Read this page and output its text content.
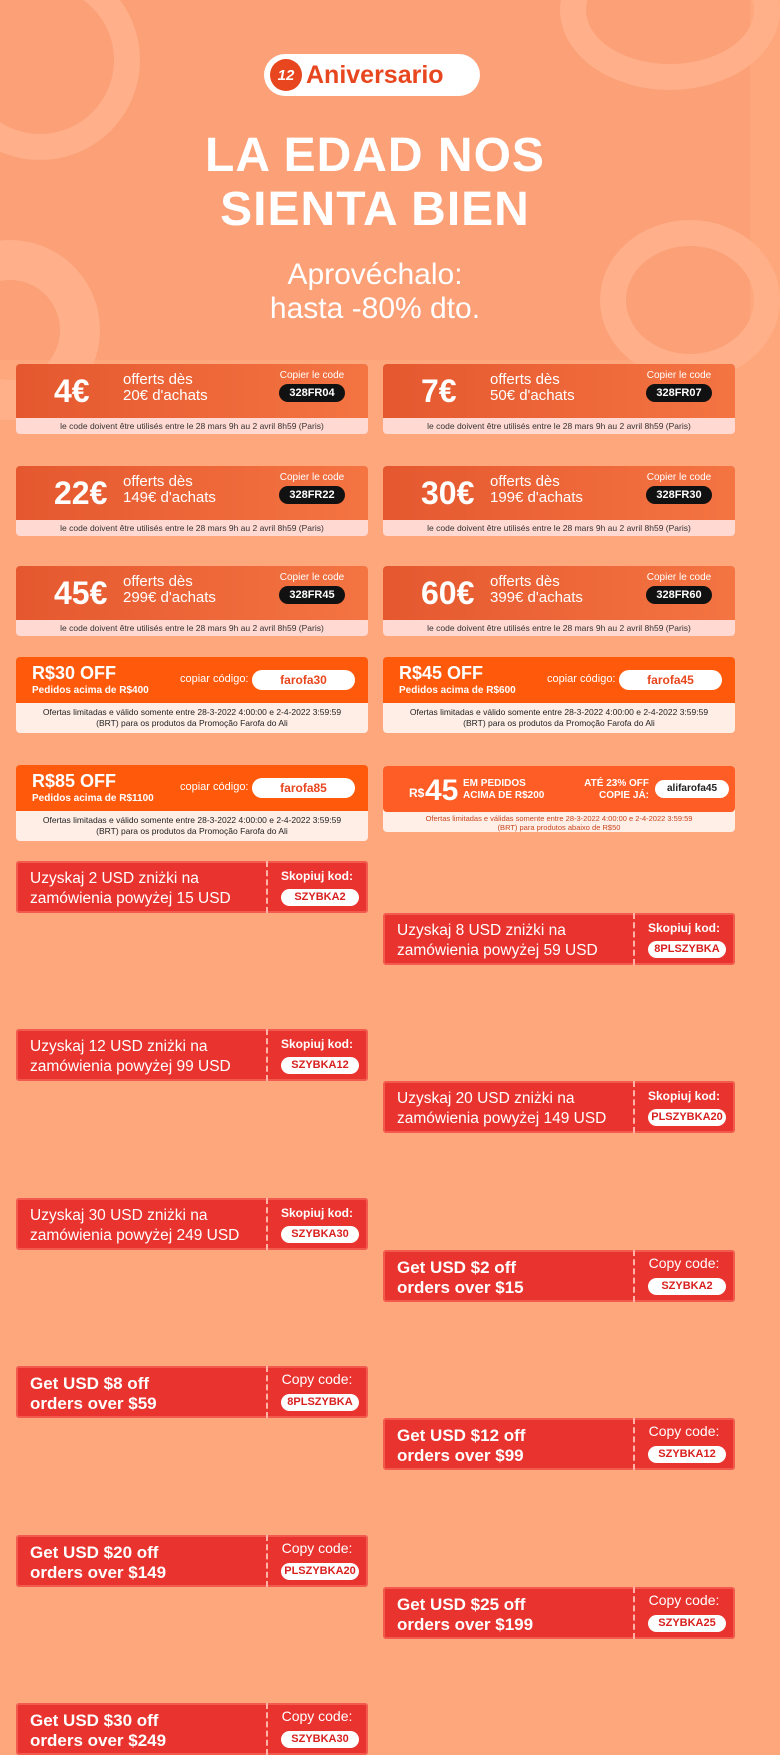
12 Aniversario
LA EDAD NOS
SIENTA BIEN
Aprovéchalo:
hasta -80% dto.
4€ offerts dès
20€ d'achats
Copier le code
328FR04
le code doivent être utilisés entre le 28 mars 9h au 2 avril 8h59 (Paris)
7€ offerts dès
50€ d'achats
Copier le code
328FR07
le code doivent être utilisés entre le 28 mars 9h au 2 avril 8h59 (Paris)
22€ offerts dès
149€ d'achats
Copier le code
328FR22
le code doivent être utilisés entre le 28 mars 9h au 2 avril 8h59 (Paris)
30€ offerts dès
199€ d'achats
Copier le code
328FR30
le code doivent être utilisés entre le 28 mars 9h au 2 avril 8h59 (Paris)
45€ offerts dès
299€ d'achats
Copier le code
328FR45
le code doivent être utilisés entre le 28 mars 9h au 2 avril 8h59 (Paris)
60€ offerts dès
399€ d'achats
Copier le code
328FR60
le code doivent être utilisés entre le 28 mars 9h au 2 avril 8h59 (Paris)
R$30 OFF
Pedidos acima de R$400
copiar código:	farofa30
Ofertas limitadas e válido somente entre 28-3-2022 4:00:00 e 2-4-2022 3:59:59
(BRT) para os produtos da Promoção Farofa do Ali
R$45 OFF
Pedidos acima de R$600
copiar código:	farofa45
Ofertas limitadas e válido somente entre 28-3-2022 4:00:00 e 2-4-2022 3:59:59
(BRT) para os produtos da Promoção Farofa do Ali
R$85 OFF
Pedidos acima de R$1100
copiar código:	farofa85
Ofertas limitadas e válido somente entre 28-3-2022 4:00:00 e 2-4-2022 3:59:59
(BRT) para os produtos da Promoção Farofa do Ali
R$ 45 EM PEDIDOS
ACIMA DE R$200
ATÉ 23% OFF
COPIE JÁ:
alifarofa45
Ofertas limitadas e válidas somente entre 28-3-2022 4:00:00 e 2-4-2022 3:59:59
(BRT) para produtos abaixo de R$50
Uzyskaj 2 USD zniżki na
zamówienia powyżej 15 USD
Skopiuj kod:
SZYBKA2
Uzyskaj 8 USD zniżki na
zamówienia powyżej 59 USD
Skopiuj kod:
8PLSZYBKA
Uzyskaj 12 USD zniżki na
zamówienia powyżej 99 USD
Skopiuj kod:
SZYBKA12
Uzyskaj 20 USD zniżki na
zamówienia powyżej 149 USD
Skopiuj kod:
PLSZYBKA20
Uzyskaj 30 USD zniżki na
zamówienia powyżej 249 USD
Skopiuj kod:
SZYBKA30
Get USD $2 off
orders over $15
Copy code:
SZYBKA2
Get USD $8 off
orders over $59
Copy code:
8PLSZYBKA
Get USD $12 off
orders over $99
Copy code:
SZYBKA12
Get USD $20 off
orders over $149
Copy code:
PLSZYBKA20
Get USD $25 off
orders over $199
Copy code:
SZYBKA25
Get USD $30 off
orders over $249
Copy code:
SZYBKA30
